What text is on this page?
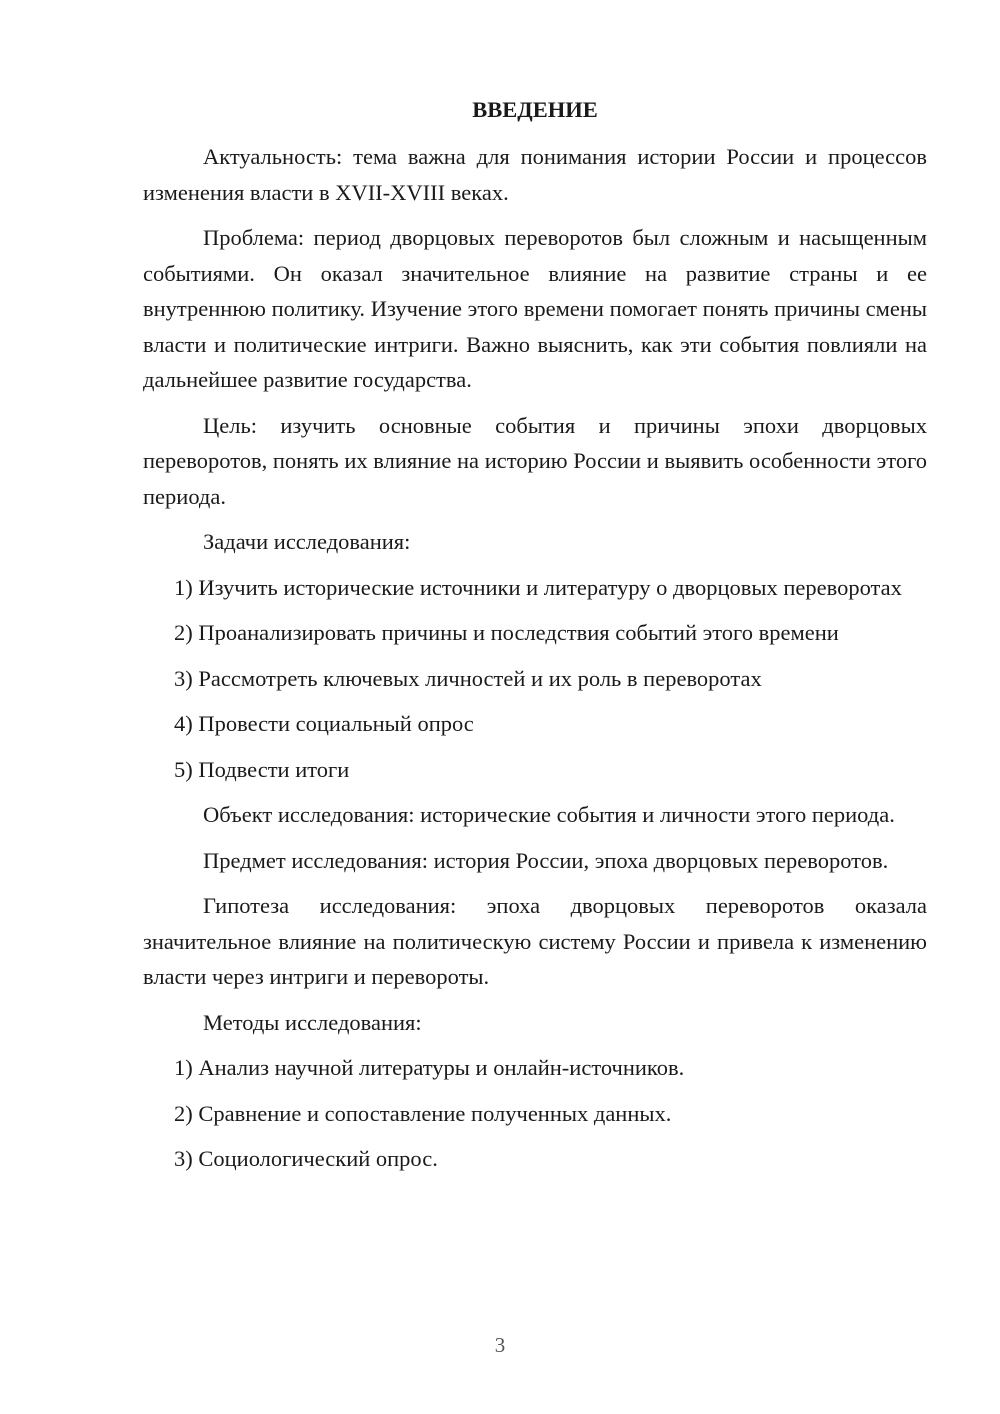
ВВЕДЕНИЕ

Актуальность: тема важна для понимания истории России и процессов изменения власти в XVII-XVIII веках.

Проблема: период дворцовых переворотов был сложным и насыщенным событиями. Он оказал значительное влияние на развитие страны и ее внутреннюю политику. Изучение этого времени помогает понять причины смены власти и политические интриги. Важно выяснить, как эти события повлияли на дальнейшее развитие государства.

Цель: изучить основные события и причины эпохи дворцовых переворотов, понять их влияние на историю России и выявить особенности этого периода.

Задачи исследования:

1) Изучить исторические источники и литературу о дворцовых переворотах

2) Проанализировать причины и последствия событий этого времени

3) Рассмотреть ключевых личностей и их роль в переворотах

4) Провести социальный опрос

5) Подвести итоги

Объект исследования: исторические события и личности этого периода.

Предмет исследования: история России, эпоха дворцовых переворотов.

Гипотеза исследования: эпоха дворцовых переворотов оказала значительное влияние на политическую систему России и привела к изменению власти через интриги и перевороты.

Методы исследования:

1) Анализ научной литературы и онлайн-источников.

2) Сравнение и сопоставление полученных данных.

3) Социологический опрос.

3
